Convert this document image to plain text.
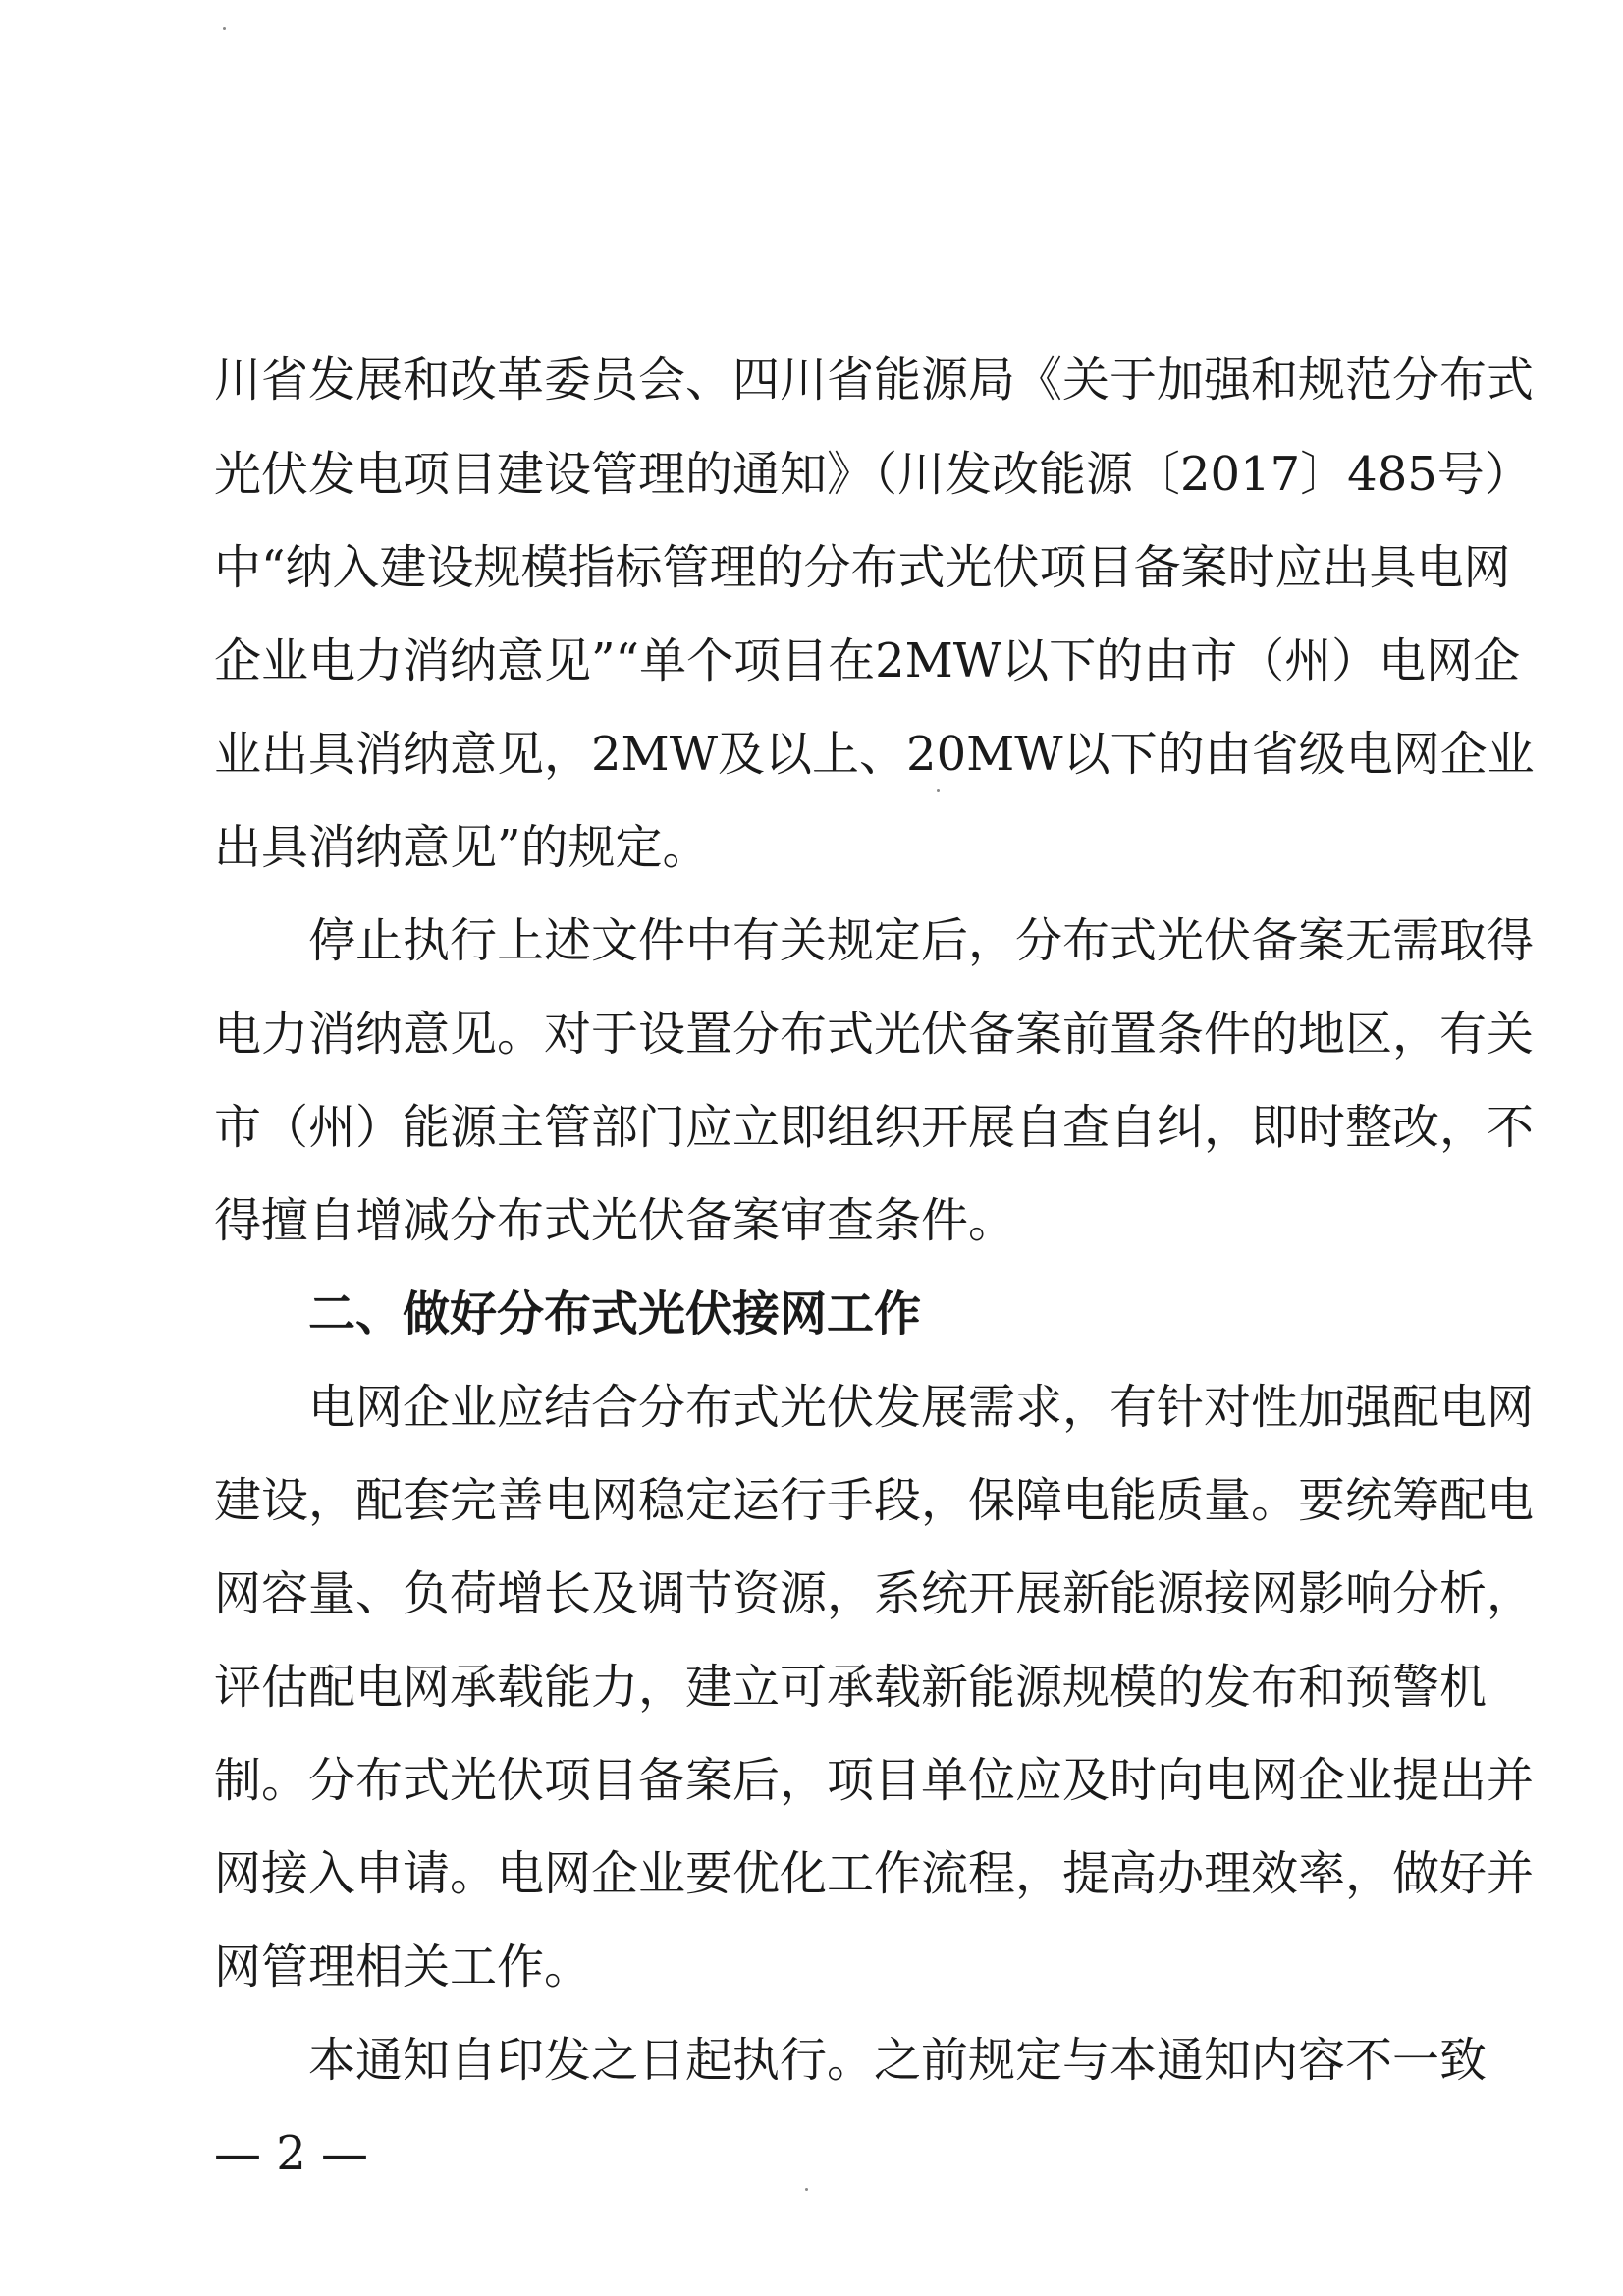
川省发展和改革委员会、四川省能源局《关于加强和规范分布式
光伏发电项目建设管理的通知》（川发改能源〔2017〕485号）
中“纳入建设规模指标管理的分布式光伏项目备案时应出具电网
企业电力消纳意见”“单个项目在2MW以下的由市（州）电网企
业出具消纳意见，2MW及以上、20MW以下的由省级电网企业
出具消纳意见”的规定。
停止执行上述文件中有关规定后，分布式光伏备案无需取得
电力消纳意见。对于设置分布式光伏备案前置条件的地区，有关
市（州）能源主管部门应立即组织开展自查自纠，即时整改，不
得擅自增减分布式光伏备案审查条件。
二、做好分布式光伏接网工作
电网企业应结合分布式光伏发展需求，有针对性加强配电网
建设，配套完善电网稳定运行手段，保障电能质量。要统筹配电
网容量、负荷增长及调节资源，系统开展新能源接网影响分析，
评估配电网承载能力，建立可承载新能源规模的发布和预警机
制。分布式光伏项目备案后，项目单位应及时向电网企业提出并
网接入申请。电网企业要优化工作流程，提高办理效率，做好并
网管理相关工作。
本通知自印发之日起执行。之前规定与本通知内容不一致
— 2 —
